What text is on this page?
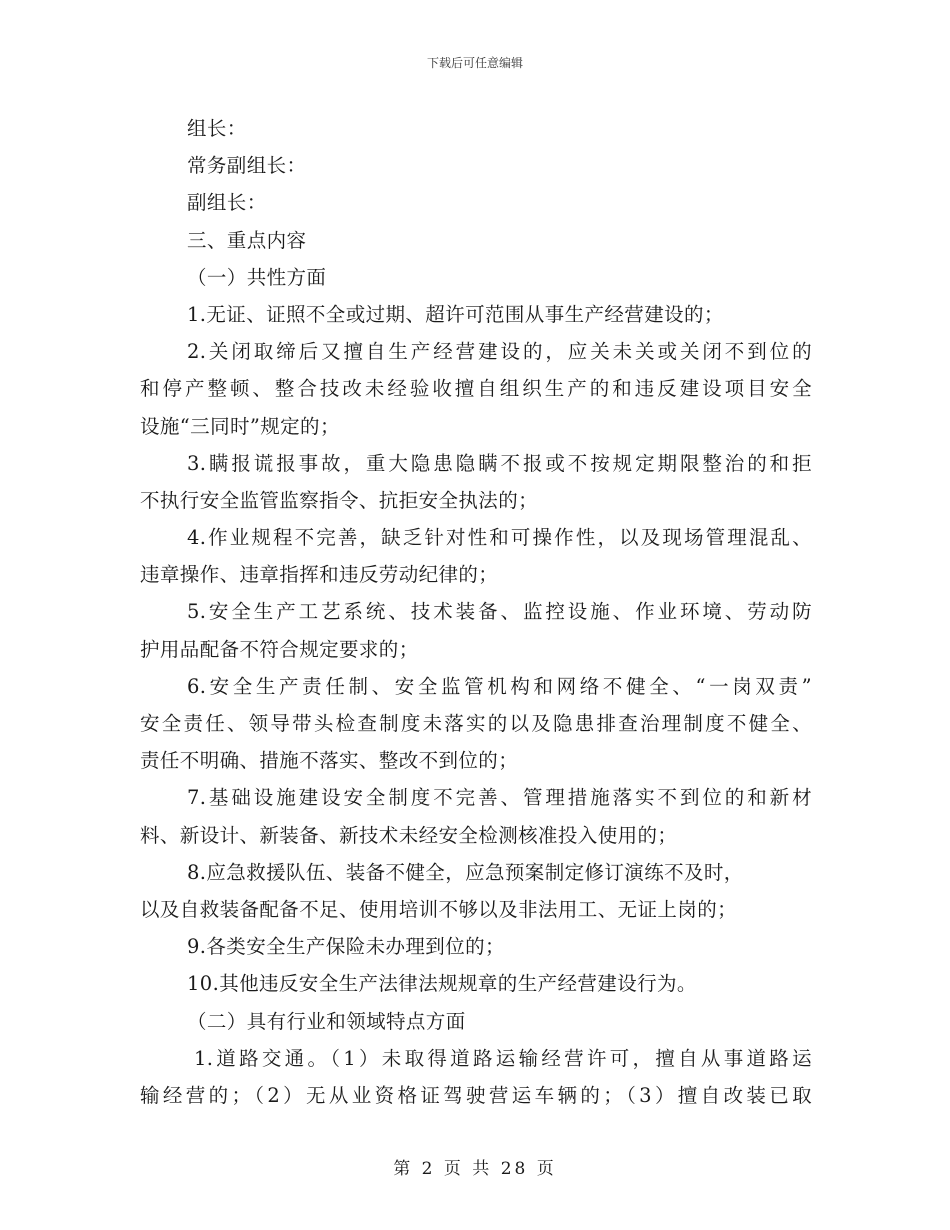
下载后可任意编辑
组长：
常务副组长：
副组长：
三、重点内容
（一）共性方面
1.无证、证照不全或过期、超许可范围从事生产经营建设的；
2.关闭取缔后又擅自生产经营建设的，应关未关或关闭不到位的
和停产整顿、整合技改未经验收擅自组织生产的和违反建设项目安全
设施“三同时”规定的；
3.瞒报谎报事故，重大隐患隐瞒不报或不按规定期限整治的和拒
不执行安全监管监察指令、抗拒安全执法的；
4.作业规程不完善，缺乏针对性和可操作性，以及现场管理混乱、
违章操作、违章指挥和违反劳动纪律的；
5.安全生产工艺系统、技术装备、监控设施、作业环境、劳动防
护用品配备不符合规定要求的；
6.安全生产责任制、安全监管机构和网络不健全、“一岗双责”
安全责任、领导带头检查制度未落实的以及隐患排查治理制度不健全、
责任不明确、措施不落实、整改不到位的；
7.基础设施建设安全制度不完善、管理措施落实不到位的和新材
料、新设计、新装备、新技术未经安全检测核准投入使用的；
8.应急救援队伍、装备不健全，应急预案制定修订演练不及时，
以及自救装备配备不足、使用培训不够以及非法用工、无证上岗的；
9.各类安全生产保险未办理到位的；
10.其他违反安全生产法律法规规章的生产经营建设行为。
（二）具有行业和领域特点方面
1.道路交通。（1）未取得道路运输经营许可，擅自从事道路运
输经营的；（2）无从业资格证驾驶营运车辆的；（3）擅自改装已取
第 2 页 共 28 页
